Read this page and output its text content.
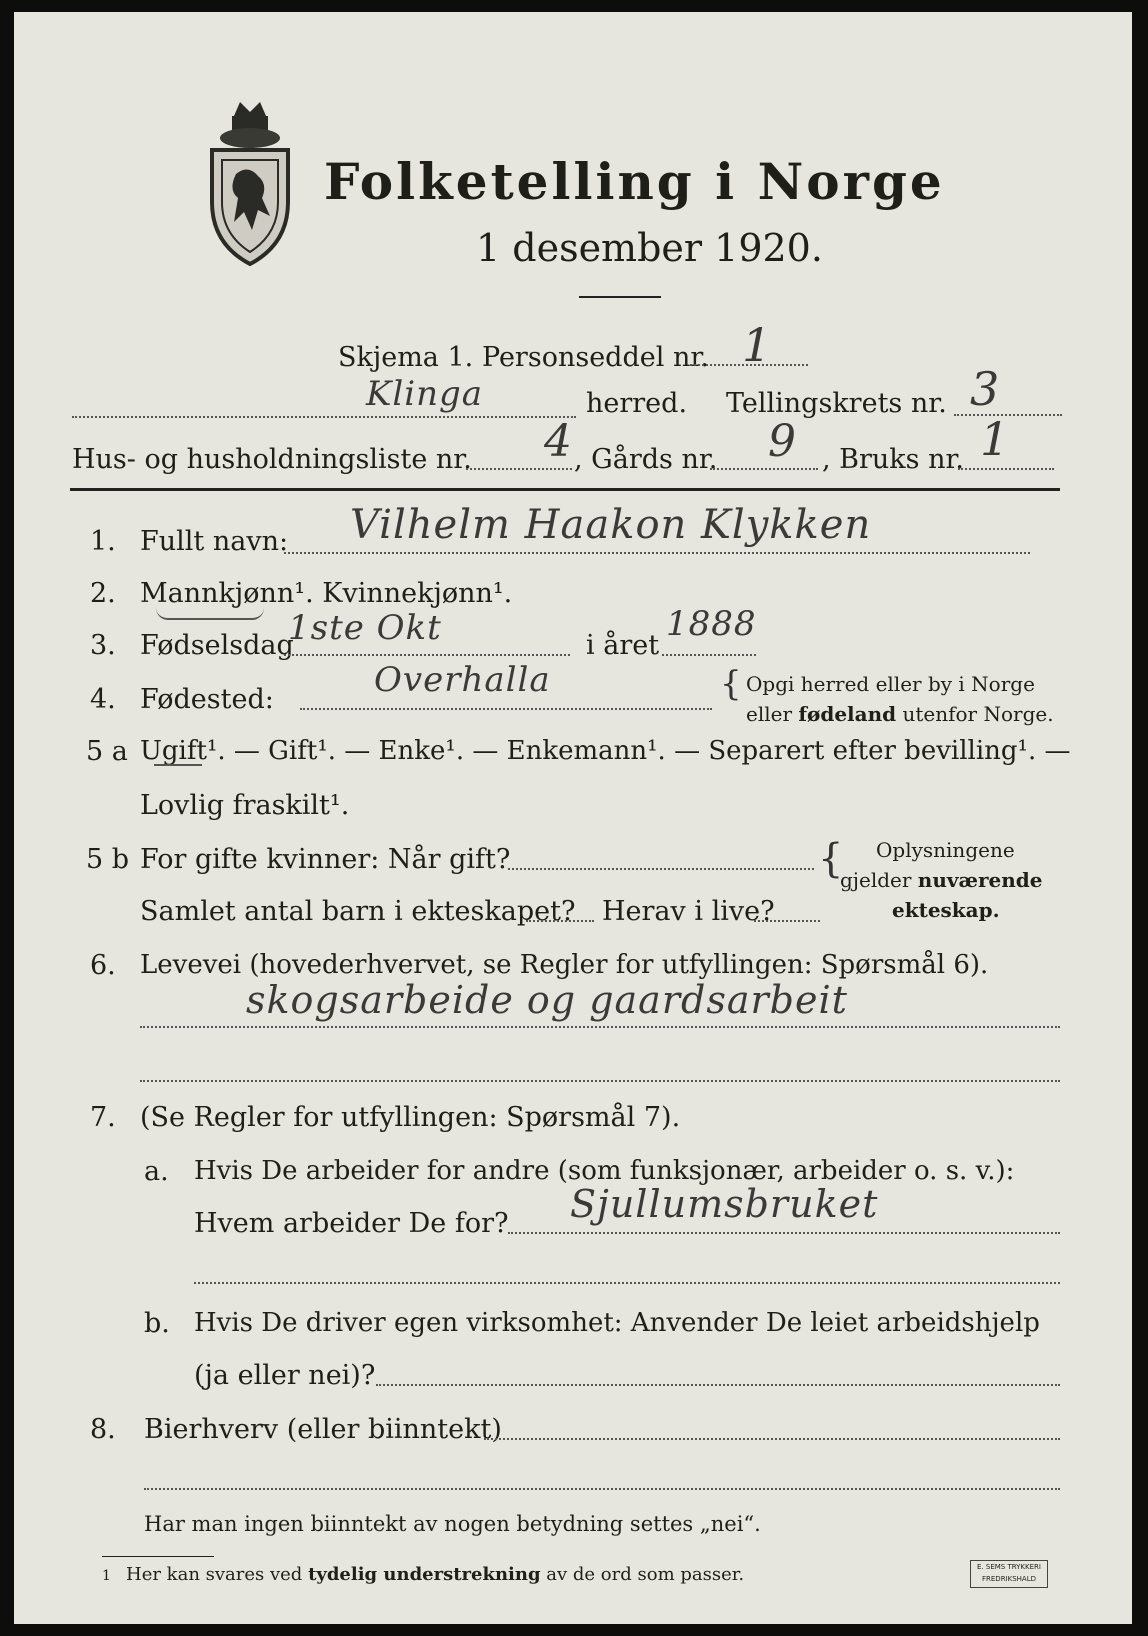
Folketelling i Norge
1 desember 1920.
Skjema 1. Personseddel nr. 1
Klinga	herred. Tellingskrets nr. 3
Hus- og husholdningsliste nr. 4 , Gårds nr. 9 , Bruks nr. 1
1. Fullt navn: Vilhelm Haakon Klykken
2. Mannkjønn¹. Kvinnekjønn¹.
3. Fødselsdag
1ste Okt	i året
1888
4. Fødested:	Overhalla	{ Opgi herred eller by i Norge
eller fødeland utenfor Norge.
5 a Ugift¹. — Gift¹. — Enke¹. — Enkemann¹. — Separert efter bevilling¹. —
Lovlig fraskilt¹.
5 b For gifte kvinner: Når gift?
Samlet antal barn i ekteskapet? Herav i live?
{ Oplysningene
gjelder nuværende
ekteskap.
6. Levevei (hovederhvervet, se Regler for utfyllingen: Spørsmål 6).
skogsarbeide og gaardsarbeit
7. (Se Regler for utfyllingen: Spørsmål 7).
a. Hvis De arbeider for andre (som funksjonær, arbeider o. s. v.):
Hvem arbeider De for? Sjullumsbruket
b. Hvis De driver egen virksomhet: Anvender De leiet arbeidshjelp
(ja eller nei)?
8. Bierhverv (eller biinntekt)
Har man ingen biinntekt av nogen betydning settes „nei“.
1 Her kan svares ved tydelig understrekning av de ord som passer.	E. SEMS TRYKKERI FREDRIKSHALD
